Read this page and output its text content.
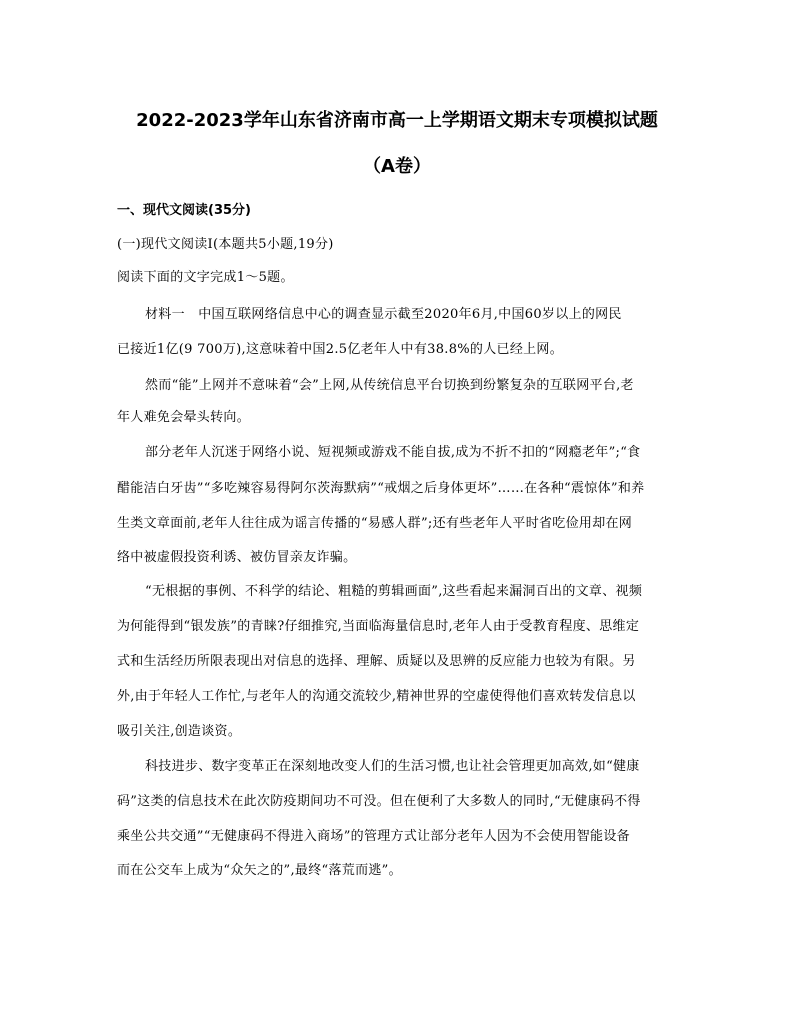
2022-2023学年山东省济南市高一上学期语文期末专项模拟试题
（A卷）
一、现代文阅读(35分)
(一)现代文阅读Ⅰ(本题共5小题,19分)
阅读下面的文字完成1～5题。
材料一　中国互联网络信息中心的调查显示截至2020年6月,中国60岁以上的网民
已接近1亿(9 700万),这意味着中国2.5亿老年人中有38.8%的人已经上网。
然而“能”上网并不意味着“会”上网,从传统信息平台切换到纷繁复杂的互联网平台,老
年人难免会晕头转向。
部分老年人沉迷于网络小说、短视频或游戏不能自拔,成为不折不扣的“网瘾老年”;“食
醋能洁白牙齿”“多吃辣容易得阿尔茨海默病”“戒烟之后身体更坏”……在各种“震惊体”和养
生类文章面前,老年人往往成为谣言传播的“易感人群”;还有些老年人平时省吃俭用却在网
络中被虚假投资利诱、被仿冒亲友诈骗。
“无根据的事例、不科学的结论、粗糙的剪辑画面”,这些看起来漏洞百出的文章、视频
为何能得到“银发族”的青睐?仔细推究,当面临海量信息时,老年人由于受教育程度、思维定
式和生活经历所限表现出对信息的选择、理解、质疑以及思辨的反应能力也较为有限。另
外,由于年轻人工作忙,与老年人的沟通交流较少,精神世界的空虚使得他们喜欢转发信息以
吸引关注,创造谈资。
科技进步、数字变革正在深刻地改变人们的生活习惯,也让社会管理更加高效,如“健康
码”这类的信息技术在此次防疫期间功不可没。但在便利了大多数人的同时,“无健康码不得
乘坐公共交通”“无健康码不得进入商场”的管理方式让部分老年人因为不会使用智能设备
而在公交车上成为“众矢之的”,最终“落荒而逃”。
